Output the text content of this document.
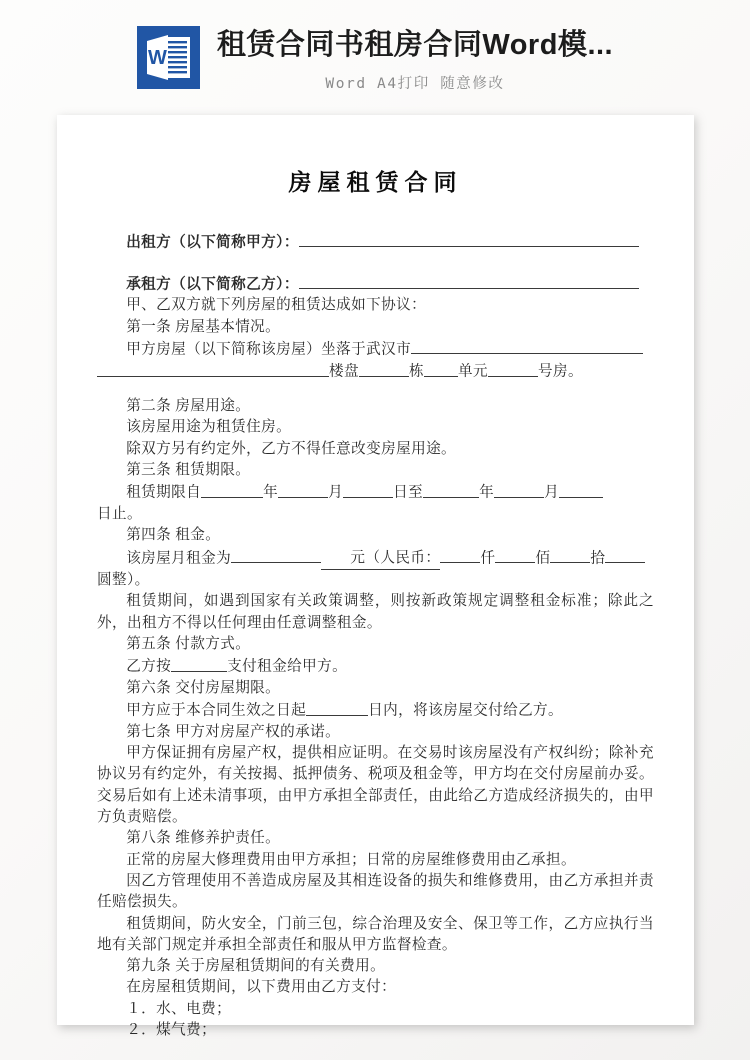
W 租赁合同书租房合同Word模...
Word A4打印 随意修改
房屋租赁合同

出租方（以下简称甲方）：

承租方（以下简称乙方）：

甲、乙双方就下列房屋的租赁达成如下协议：

第一条 房屋基本情况。

甲方房屋（以下简称该房屋）坐落于武汉市

楼盘	栋 单元	号房。

第二条 房屋用途。

该房屋用途为租赁住房。

除双方另有约定外，乙方不得任意改变房屋用途。

第三条 租赁期限。

租赁期限自	年	月	日至	年	月

日止。

第四条 租金。

该房屋月租金为	元（人民币：	仟	佰	拾

圆整）。

租赁期间，如遇到国家有关政策调整，则按新政策规定调整租金标准；除此之外，出租方不得以任何理由任意调整租金。

第五条 付款方式。

乙方按	支付租金给甲方。

第六条 交付房屋期限。

甲方应于本合同生效之日起	日内，将该房屋交付给乙方。

第七条 甲方对房屋产权的承诺。

甲方保证拥有房屋产权，提供相应证明。在交易时该房屋没有产权纠纷；除补充协议另有约定外，有关按揭、抵押债务、税项及租金等，甲方均在交付房屋前办妥。交易后如有上述未清事项，由甲方承担全部责任，由此给乙方造成经济损失的，由甲方负责赔偿。

第八条 维修养护责任。

正常的房屋大修理费用由甲方承担；日常的房屋维修费用由乙承担。

因乙方管理使用不善造成房屋及其相连设备的损失和维修费用，由乙方承担并责任赔偿损失。

租赁期间，防火安全，门前三包，综合治理及安全、保卫等工作，乙方应执行当地有关部门规定并承担全部责任和服从甲方监督检查。

第九条 关于房屋租赁期间的有关费用。

在房屋租赁期间，以下费用由乙方支付：

１．水、电费；

２．煤气费；
